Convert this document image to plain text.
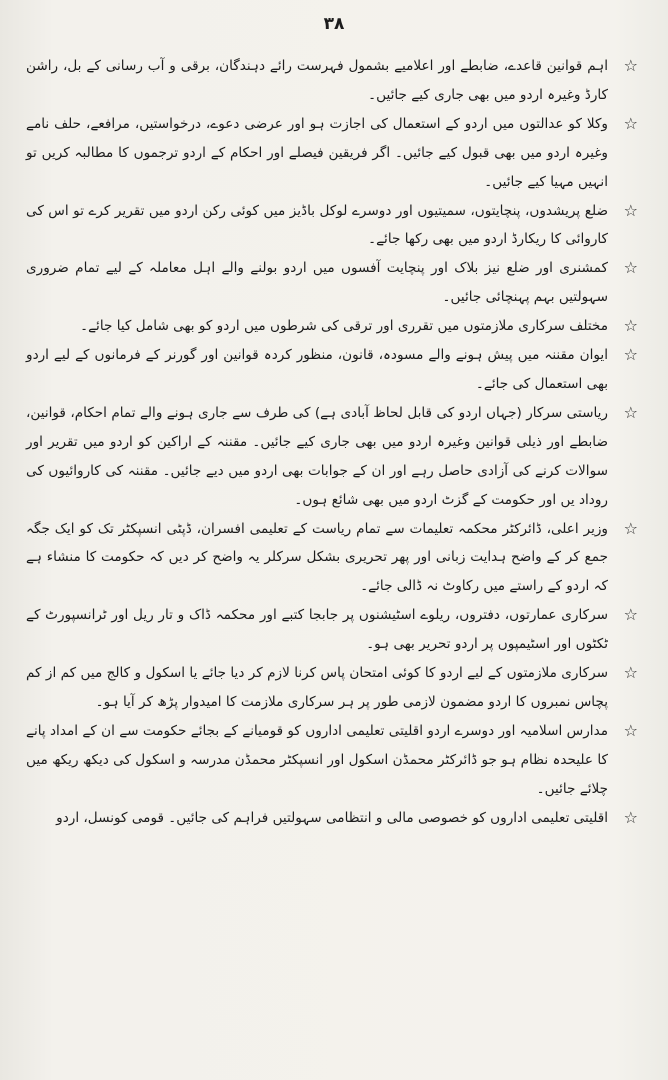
۳۸

☆
اہم قوانین قاعدے، ضابطے اور اعلامیے بشمول فہرست رائے دہندگان، برقی و آب رسانی کے بل، راشن کارڈ وغیرہ اردو میں بھی جاری کیے جائیں۔

☆
وکلا کو عدالتوں میں اردو کے استعمال کی اجازت ہو اور عرضی دعوے، درخواستیں، مرافعے، حلف نامے وغیرہ اردو میں بھی قبول کیے جائیں۔ اگر فریقین فیصلے اور احکام کے اردو ترجموں کا مطالبہ کریں تو انہیں مہیا کیے جائیں۔

☆
ضلع پریشدوں، پنچایتوں، سمیتیوں اور دوسرے لوکل باڈیز میں کوئی رکن اردو میں تقریر کرے تو اس کی کاروائی کا ریکارڈ اردو میں بھی رکھا جائے۔

☆
کمشنری اور ضلع نیز بلاک اور پنچایت آفسوں میں اردو بولنے والے اہل معاملہ کے لیے تمام ضروری سہولتیں بہم پہنچائی جائیں۔

☆
مختلف سرکاری ملازمتوں میں تقرری اور ترقی کی شرطوں میں اردو کو بھی شامل کیا جائے۔

☆
ایوان مقننہ میں پیش ہونے والے مسودہ، قانون، منظور کردہ قوانین اور گورنر کے فرمانوں کے لیے اردو بھی استعمال کی جائے۔

☆
ریاستی سرکار (جہاں اردو کی قابل لحاظ آبادی ہے) کی طرف سے جاری ہونے والے تمام احکام، قوانین، ضابطے اور ذیلی قوانین وغیرہ اردو میں بھی جاری کیے جائیں۔ مقننہ کے اراکین کو اردو میں تقریر اور سوالات کرنے کی آزادی حاصل رہے اور ان کے جوابات بھی اردو میں دیے جائیں۔ مقننہ کی کاروائیوں کی روداد یں اور حکومت کے گزٹ اردو میں بھی شائع ہوں۔

☆
وزیر اعلی، ڈائرکٹر محکمہ تعلیمات سے تمام ریاست کے تعلیمی افسران، ڈپٹی انسپکٹر تک کو ایک جگہ جمع کر کے واضح ہدایت زبانی اور پھر تحریری بشکل سرکلر یہ واضح کر دیں کہ حکومت کا منشاء ہے کہ اردو کے راستے میں رکاوٹ نہ ڈالی جائے۔

☆
سرکاری عمارتوں، دفتروں، ریلوے اسٹیشنوں پر جابجا کتبے اور محکمہ ڈاک و تار ریل اور ٹرانسپورٹ کے ٹکٹوں اور اسٹیمپوں پر اردو تحریر بھی ہو۔

☆
سرکاری ملازمتوں کے لیے اردو کا کوئی امتحان پاس کرنا لازم کر دیا جائے یا اسکول و کالج میں کم از کم پچاس نمبروں کا اردو مضمون لازمی طور پر ہر سرکاری ملازمت کا امیدوار پڑھ کر آیا ہو۔

☆
مدارس اسلامیہ اور دوسرے اردو اقلیتی تعلیمی اداروں کو قومیانے کے بجائے حکومت سے ان کے امداد پانے کا علیحدہ نظام ہو جو ڈائرکٹر محمڈن اسکول اور انسپکٹر محمڈن مدرسہ و اسکول کی دیکھ ریکھ میں چلائے جائیں۔

☆
اقلیتی تعلیمی اداروں کو خصوصی مالی و انتظامی سہولتیں فراہم کی جائیں۔ قومی کونسل، اردو
